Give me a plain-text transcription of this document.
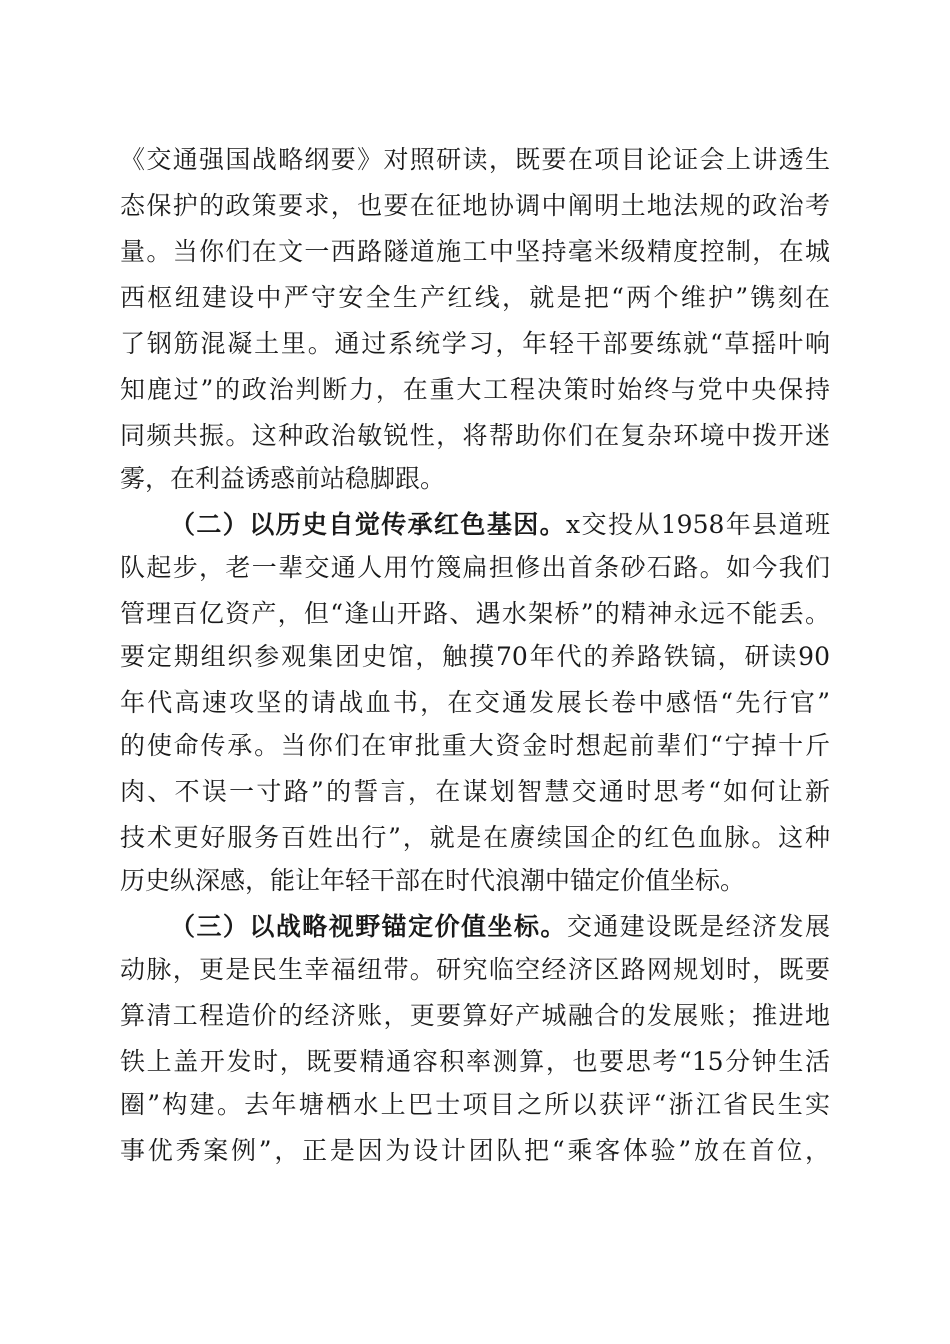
《交通强国战略纲要》对照研读，既要在项目论证会上讲透生
态保护的政策要求，也要在征地协调中阐明土地法规的政治考
量。当你们在文一西路隧道施工中坚持毫米级精度控制，在城
西枢纽建设中严守安全生产红线，就是把“两个维护”镌刻在
了钢筋混凝土里。通过系统学习，年轻干部要练就“草摇叶响
知鹿过”的政治判断力，在重大工程决策时始终与党中央保持
同频共振。这种政治敏锐性，将帮助你们在复杂环境中拨开迷
雾，在利益诱惑前站稳脚跟。
（二）以历史自觉传承红色基因。x交投从1958年县道班
队起步，老一辈交通人用竹篾扁担修出首条砂石路。如今我们
管理百亿资产，但“逢山开路、遇水架桥”的精神永远不能丢。
要定期组织参观集团史馆，触摸70年代的养路铁镐，研读90
年代高速攻坚的请战血书，在交通发展长卷中感悟“先行官”
的使命传承。当你们在审批重大资金时想起前辈们“宁掉十斤
肉、不误一寸路”的誓言，在谋划智慧交通时思考“如何让新
技术更好服务百姓出行”，就是在赓续国企的红色血脉。这种
历史纵深感，能让年轻干部在时代浪潮中锚定价值坐标。
（三）以战略视野锚定价值坐标。交通建设既是经济发展
动脉，更是民生幸福纽带。研究临空经济区路网规划时，既要
算清工程造价的经济账，更要算好产城融合的发展账；推进地
铁上盖开发时，既要精通容积率测算，也要思考“15分钟生活
圈”构建。去年塘栖水上巴士项目之所以获评“浙江省民生实
事优秀案例”，正是因为设计团队把“乘客体验”放在首位，
